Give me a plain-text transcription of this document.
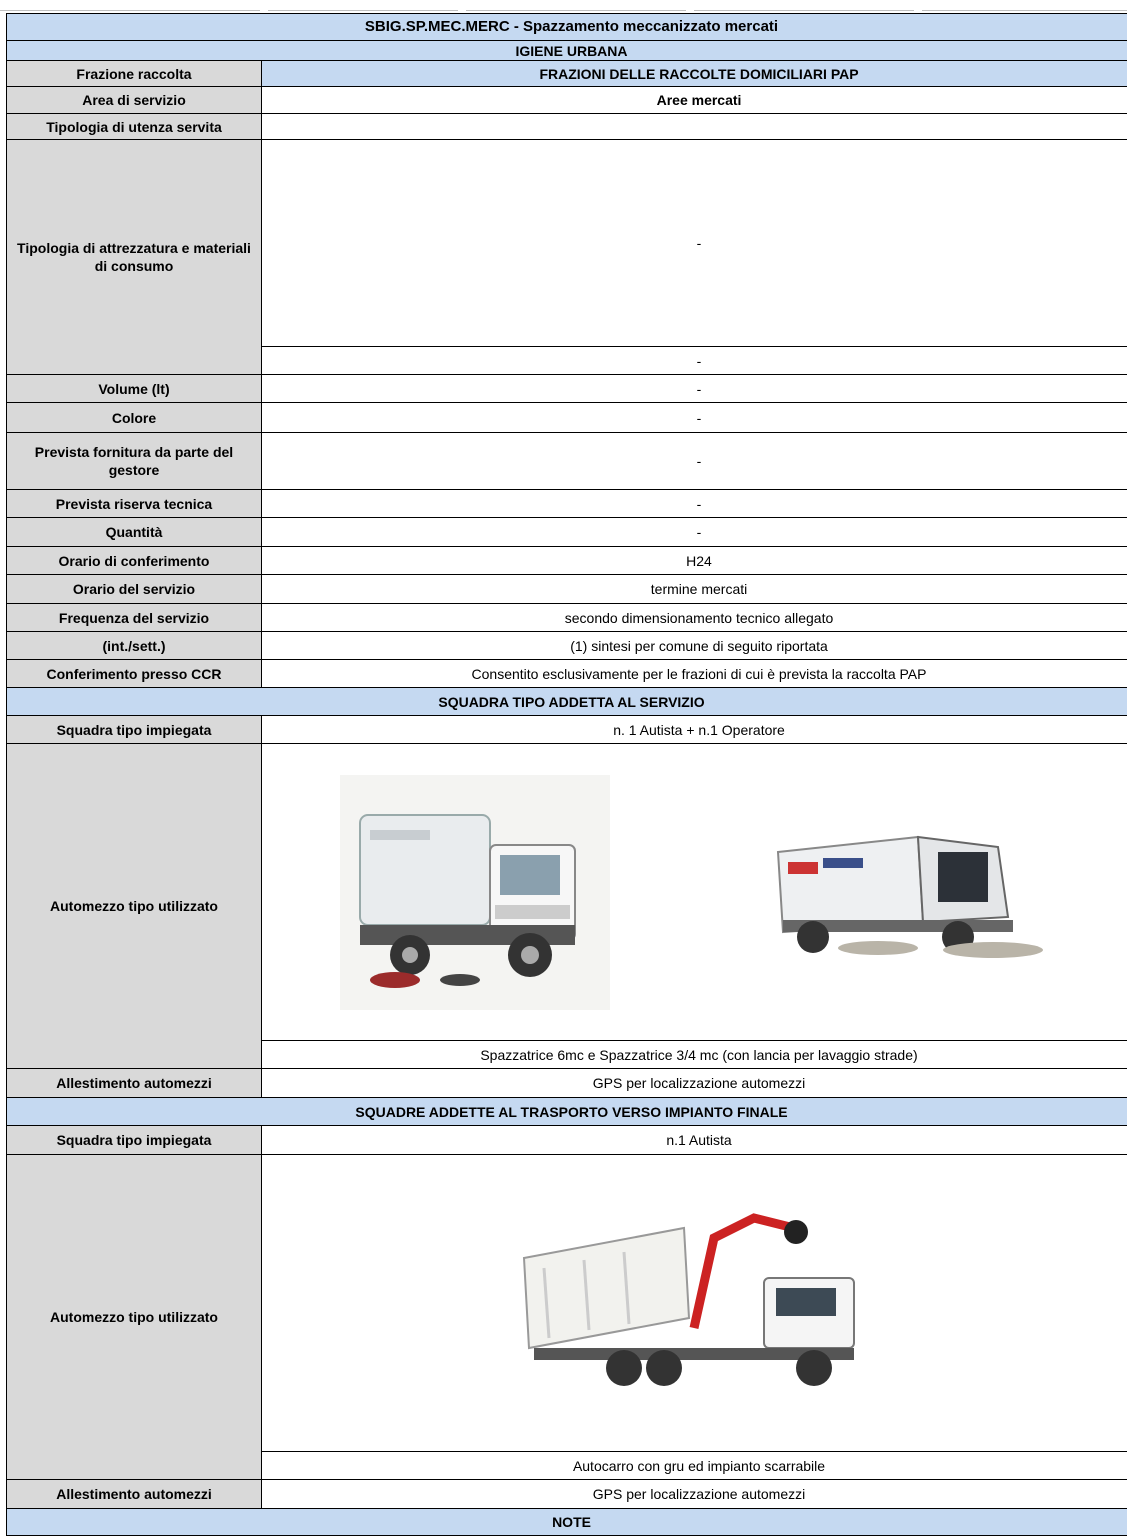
SBIG.SP.MEC.MERC - Spazzamento meccanizzato mercati	
IGIENE URBANA	
Frazione raccolta	FRAZIONI DELLE RACCOLTE DOMICILIARI PAP
Area di servizio	Aree mercati
Tipologia di utenza servita	
Tipologia di attrezzatura e materiali di consumo	-
	-
Volume (lt)	-
Colore	-
Prevista fornitura da parte del gestore	-
Prevista riserva tecnica	-
Quantità	-
Orario di conferimento	H24
Orario del servizio	termine mercati
Frequenza del servizio	secondo dimensionamento tecnico allegato
(int./sett.)	(1) sintesi per comune di seguito riportata
Conferimento presso CCR	Consentito esclusivamente per le frazioni di cui è prevista la raccolta PAP
SQUADRA TIPO ADDETTA AL SERVIZIO	
Squadra tipo impiegata	n. 1 Autista + n.1 Operatore
Automezzo tipo utilizzato	

	Spazzatrice 6mc e Spazzatrice 3/4 mc (con lancia per lavaggio strade)
Allestimento automezzi	GPS per localizzazione automezzi
SQUADRE ADDETTE AL TRASPORTO VERSO IMPIANTO FINALE	
Squadra tipo impiegata	n.1 Autista
Automezzo tipo utilizzato	

	Autocarro con gru ed impianto scarrabile
Allestimento automezzi	GPS per localizzazione automezzi
NOTE	
